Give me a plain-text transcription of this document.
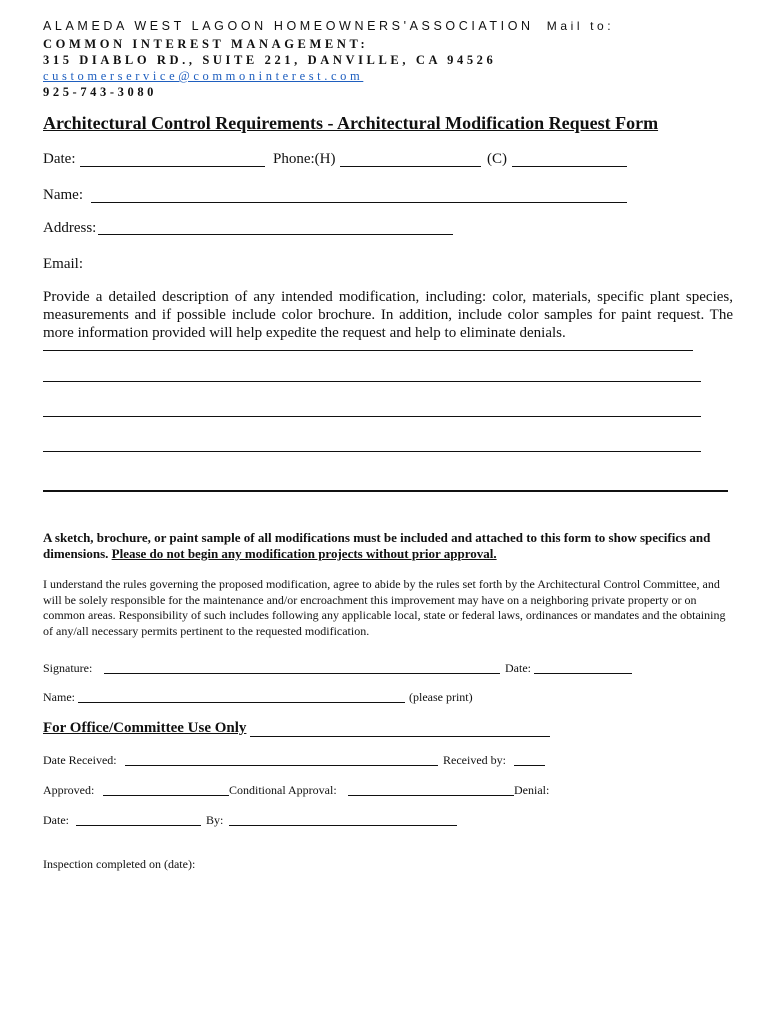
ALAMEDA WEST LAGOON HOMEOWNERS'ASSOCIATION Mail to:
COMMON INTEREST MANAGEMENT:
315 DIABLO RD., SUITE 221, DANVILLE, CA 94526
customerservice@commoninterest.com
925-743-3080
Architectural Control Requirements - Architectural Modification Request Form
Date:	Phone:(H)	(C)
Name:
Address:
Email:
Provide a detailed description of any intended modification, including: color, materials, specific plant species, measurements and if possible include color brochure. In addition, include color samples for paint request. The more information provided will help expedite the request and help to eliminate denials.
A sketch, brochure, or paint sample of all modifications must be included and attached to this form to show specifics and dimensions. Please do not begin any modification projects without prior approval.
I understand the rules governing the proposed modification, agree to abide by the rules set forth by the Architectural Control Committee, and will be solely responsible for the maintenance and/or encroachment this improvement may have on a neighboring private property or on common areas. Responsibility of such includes following any applicable local, state or federal laws, ordinances or mandates and the obtaining of any/all necessary permits pertinent to the requested modification.
Signature:	Date:
Name:	(please print)
For Office/Committee Use Only
Date Received:	Received by:
Approved:	Conditional Approval:	Denial:
Date:	By:
Inspection completed on (date):
